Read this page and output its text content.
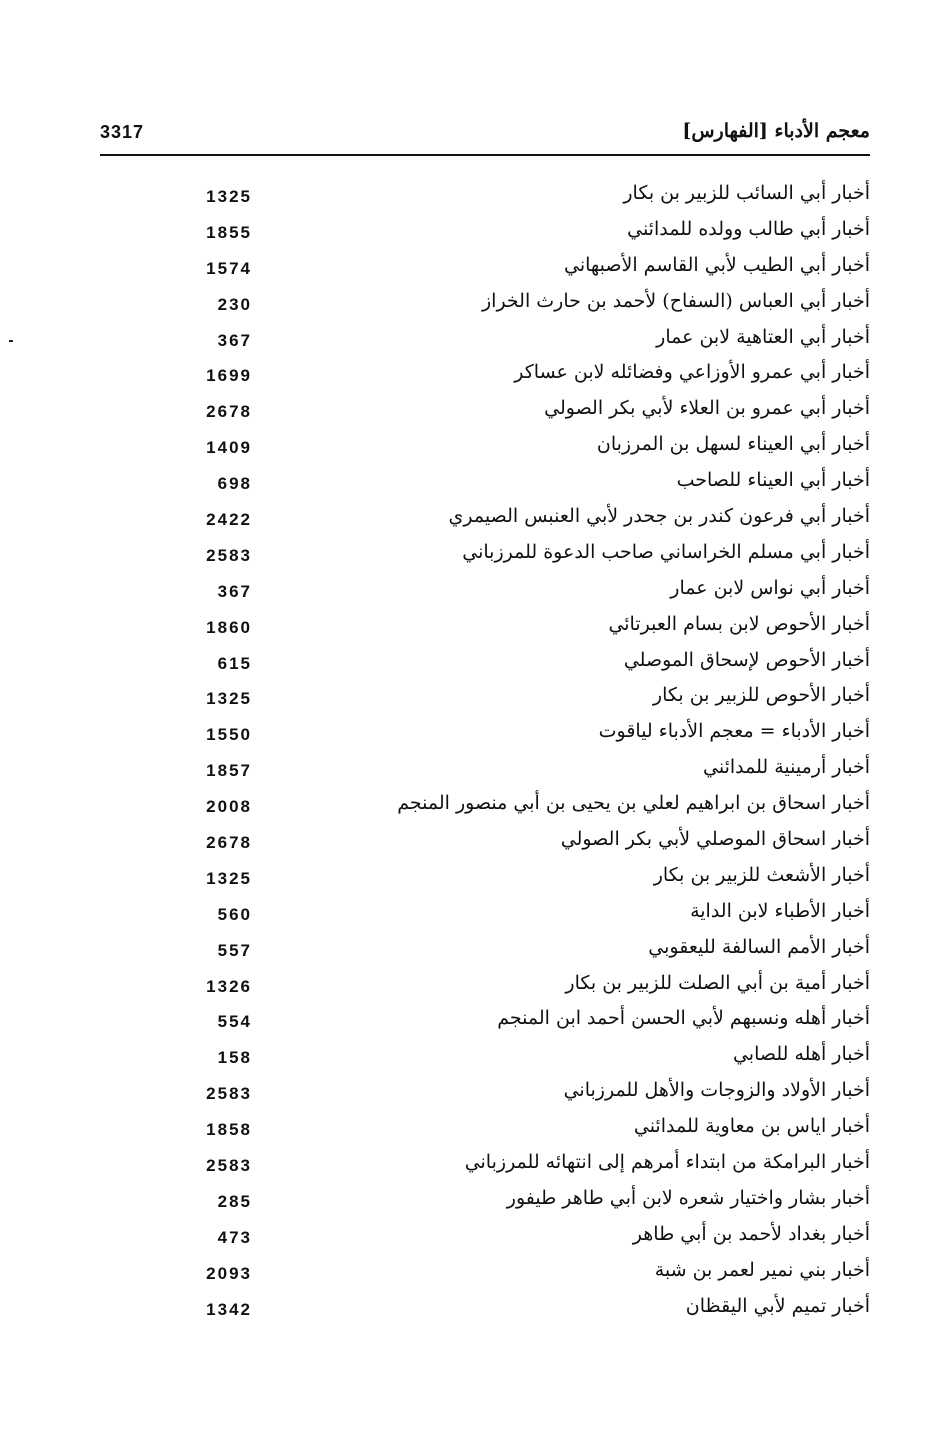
معجم الأدباء [الفهارس]
3317
أخبار أبي السائب للزبير بن بكار
1325
أخبار أبي طالب وولده للمدائني
1855
أخبار أبي الطيب لأبي القاسم الأصبهاني
1574
أخبار أبي العباس (السفاح) لأحمد بن حارث الخراز
230
أخبار أبي العتاهية لابن عمار
367
أخبار أبي عمرو الأوزاعي وفضائله لابن عساكر
1699
أخبار أبي عمرو بن العلاء لأبي بكر الصولي
2678
أخبار أبي العيناء لسهل بن المرزبان
1409
أخبار أبي العيناء للصاحب
698
أخبار أبي فرعون كندر بن جحدر لأبي العنبس الصيمري
2422
أخبار أبي مسلم الخراساني صاحب الدعوة للمرزباني
2583
أخبار أبي نواس لابن عمار
367
أخبار الأحوص لابن بسام العبرتائي
1860
أخبار الأحوص لإسحاق الموصلي
615
أخبار الأحوص للزبير بن بكار
1325
أخبار الأدباء = معجم الأدباء لياقوت
1550
أخبار أرمينية للمدائني
1857
أخبار اسحاق بن ابراهيم لعلي بن يحيى بن أبي منصور المنجم
2008
أخبار اسحاق الموصلي لأبي بكر الصولي
2678
أخبار الأشعث للزبير بن بكار
1325
أخبار الأطباء لابن الداية
560
أخبار الأمم السالفة لليعقوبي
557
أخبار أمية بن أبي الصلت للزبير بن بكار
1326
أخبار أهله ونسبهم لأبي الحسن أحمد ابن المنجم
554
أخبار أهله للصابي
158
أخبار الأولاد والزوجات والأهل للمرزباني
2583
أخبار اياس بن معاوية للمدائني
1858
أخبار البرامكة من ابتداء أمرهم إلى انتهائه للمرزباني
2583
أخبار بشار واختيار شعره لابن أبي طاهر طيفور
285
أخبار بغداد لأحمد بن أبي طاهر
473
أخبار بني نمير لعمر بن شبة
2093
أخبار تميم لأبي اليقظان
1342
